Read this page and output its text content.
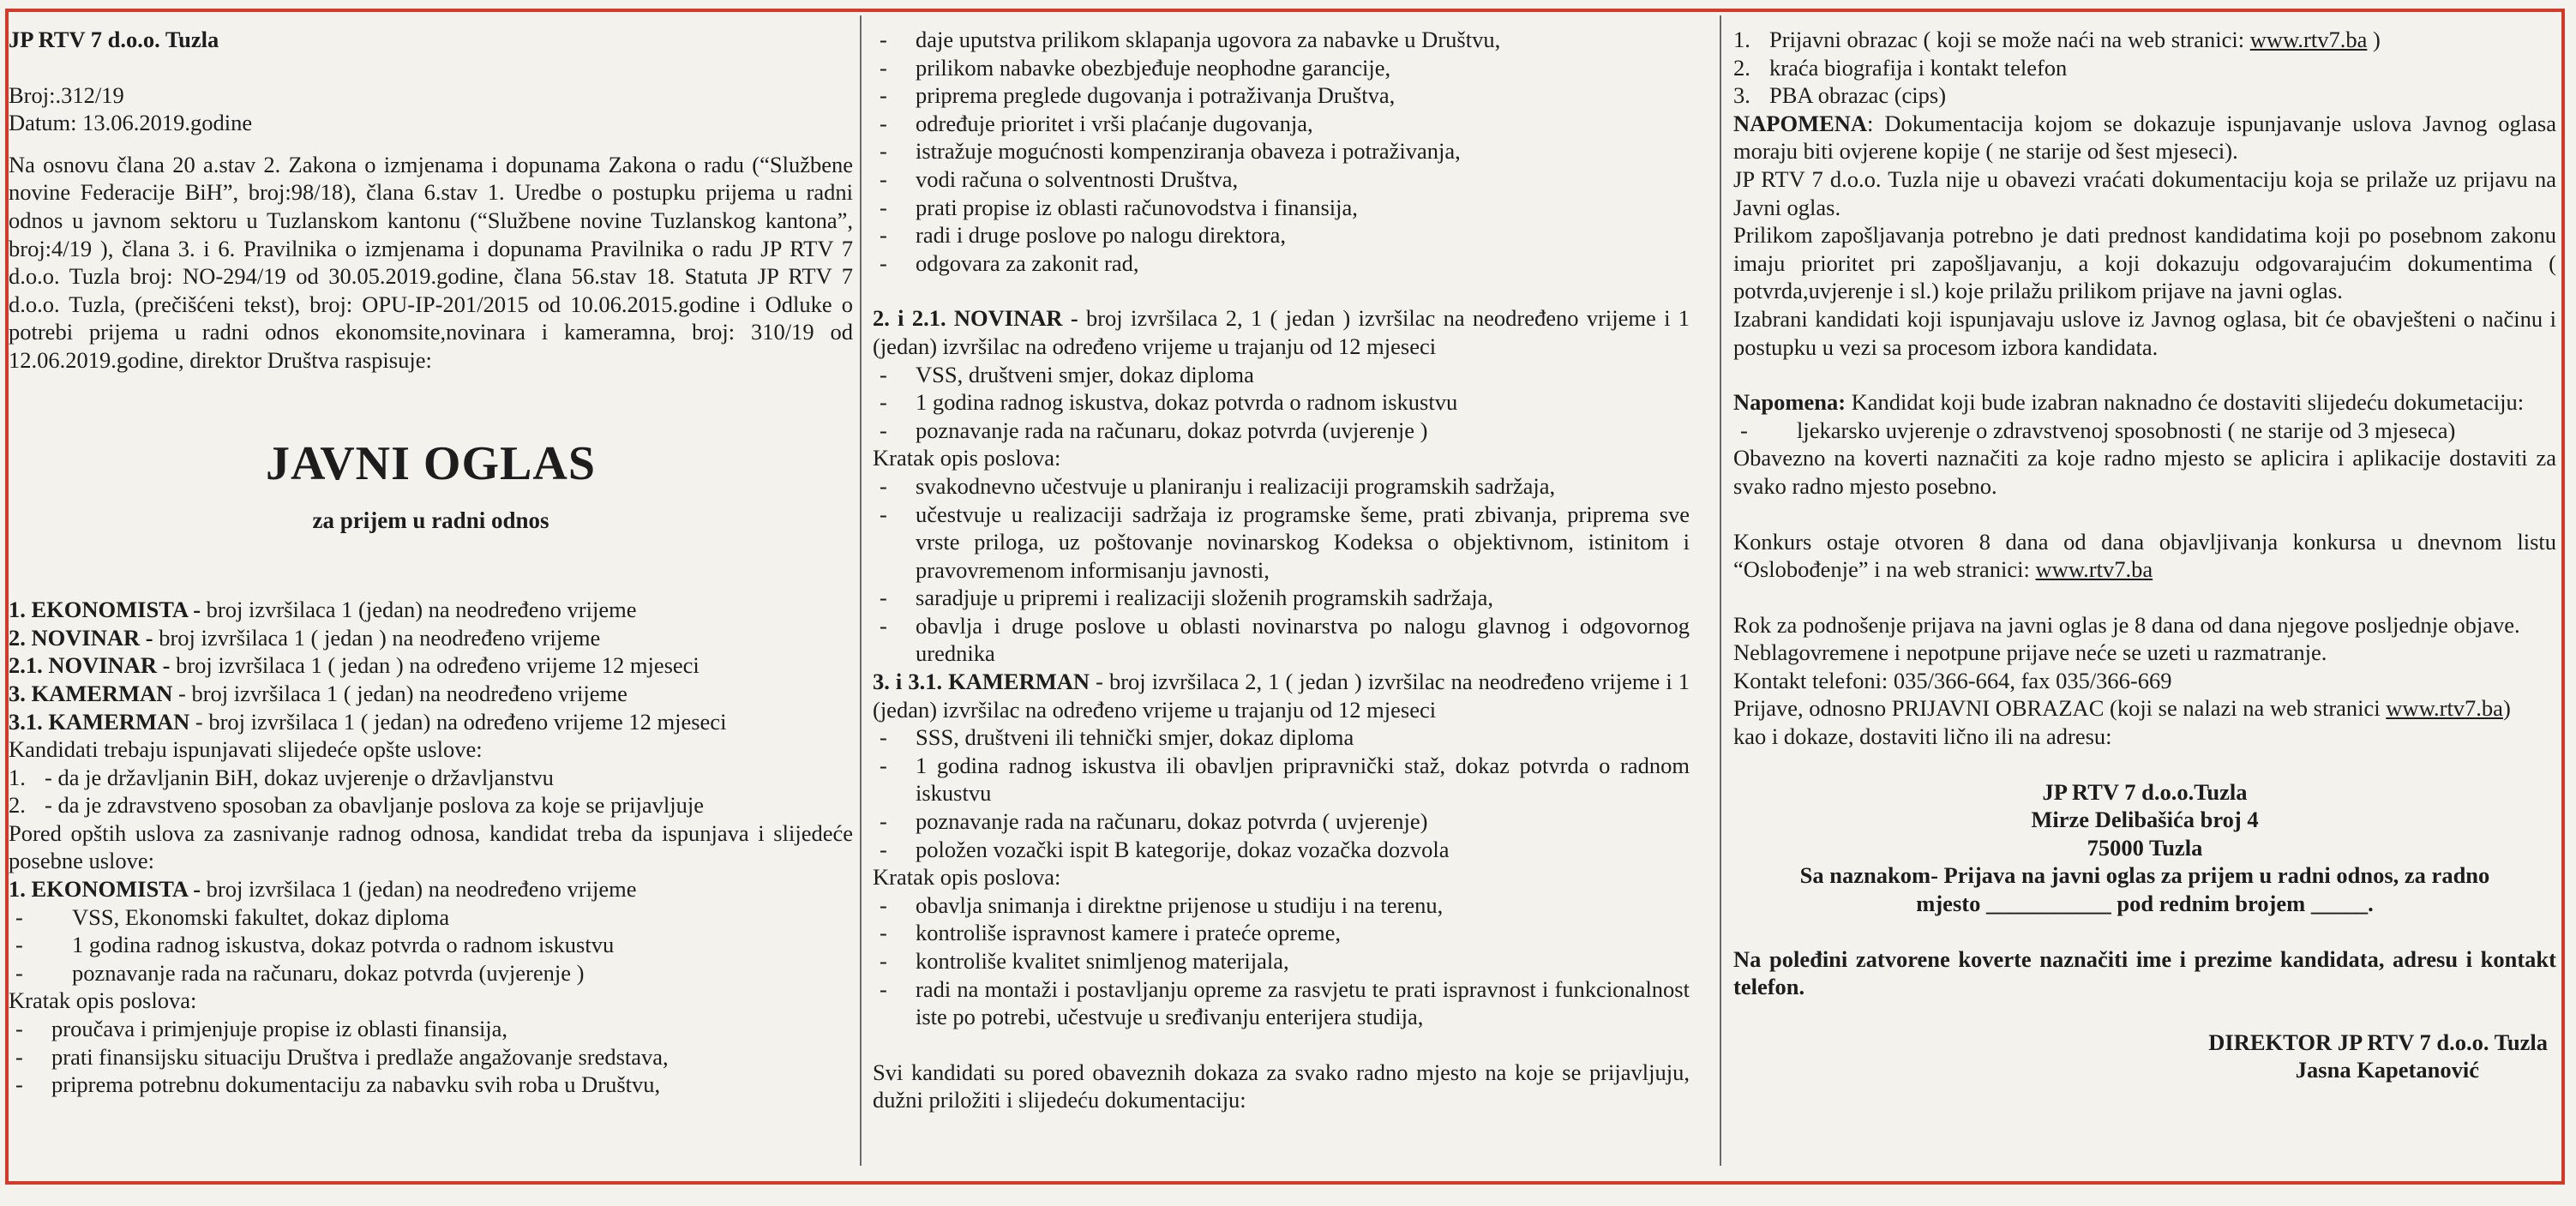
JP RTV 7 d.o.o. Tuzla

Broj:.312/19

Datum: 13.06.2019.godine

Na osnovu člana 20 a.stav 2. Zakona o izmjenama i dopunama Zakona o radu (“Službene novine Federacije BiH”, broj:98/18), člana 6.stav 1. Uredbe o postupku prijema u radni odnos u javnom sektoru u Tuzlanskom kantonu (“Službene novine Tuzlanskog kantona”, broj:4/19 ), člana 3. i 6. Pravilnika o izmjenama i dopunama Pravilnika o radu JP RTV 7 d.o.o. Tuzla broj: NO-294/19 od 30.05.2019.godine, člana 56.stav 18. Statuta JP RTV 7 d.o.o. Tuzla, (prečišćeni tekst), broj: OPU-IP-201/2015 od 10.06.2015.godine i Odluke o potrebi prijema u radni odnos ekonomsite,novinara i kameramna, broj: 310/19 od 12.06.2019.godine, direktor Društva raspisuje:

JAVNI OGLAS

za prijem u radni odnos

1. EKONOMISTA - broj izvršilaca 1 (jedan) na neodređeno vrijeme

2. NOVINAR - broj izvršilaca 1 ( jedan ) na neodređeno vrijeme

2.1. NOVINAR - broj izvršilaca 1 ( jedan ) na određeno vrijeme 12 mjeseci

3. KAMERMAN - broj izvršilaca 1 ( jedan) na neodređeno vrijeme

3.1. KAMERMAN - broj izvršilaca 1 ( jedan) na određeno vrijeme 12 mjeseci

Kandidati trebaju ispunjavati slijedeće opšte uslove:

1. - da je državljanin BiH, dokaz uvjerenje o državljanstvu
2. - da je zdravstveno sposoban za obavljanje poslova za koje se prijavljuje

Pored opštih uslova za zasnivanje radnog odnosa, kandidat treba da ispunjava i slijedeće posebne uslove:

1. EKONOMISTA - broj izvršilaca 1 (jedan) na neodređeno vrijeme

-	VSS, Ekonomski fakultet, dokaz diploma
-	1 godina radnog iskustva, dokaz potvrda o radnom iskustvu
-	poznavanje rada na računaru, dokaz potvrda (uvjerenje )

Kratak opis poslova:

-	proučava i primjenjuje propise iz oblasti finansija,
-	prati finansijsku situaciju Društva i predlaže angažovanje sredstava,
-	priprema potrebnu dokumentaciju za nabavku svih roba u Društvu,
-	daje uputstva prilikom sklapanja ugovora za nabavke u Društvu,
-	prilikom nabavke obezbjeđuje neophodne garancije,
-	priprema preglede dugovanja i potraživanja Društva,
-	određuje prioritet i vrši plaćanje dugovanja,
-	istražuje mogućnosti kompenziranja obaveza i potraživanja,
-	vodi računa o solventnosti Društva,
-	prati propise iz oblasti računovodstva i finansija,
-	radi i druge poslove po nalogu direktora,
-	odgovara za zakonit rad,

2. i 2.1. NOVINAR - broj izvršilaca 2, 1 ( jedan ) izvršilac na neodređeno vrijeme i 1 (jedan) izvršilac na određeno vrijeme u trajanju od 12 mjeseci

-	VSS, društveni smjer, dokaz diploma
-	1 godina radnog iskustva, dokaz potvrda o radnom iskustvu
-	poznavanje rada na računaru, dokaz potvrda (uvjerenje )

Kratak opis poslova:

-	svakodnevno učestvuje u planiranju i realizaciji programskih sadržaja,
-	učestvuje u realizaciji sadržaja iz programske šeme, prati zbivanja, priprema sve vrste priloga, uz poštovanje novinarskog Kodeksa o objektivnom, istinitom i pravovremenom informisanju javnosti,
-	saradjuje u pripremi i realizaciji složenih programskih sadržaja,
-	obavlja i druge poslove u oblasti novinarstva po nalogu glavnog i odgovornog urednika

3. i 3.1. KAMERMAN - broj izvršilaca 2, 1 ( jedan ) izvršilac na neodređeno vrijeme i 1 (jedan) izvršilac na određeno vrijeme u trajanju od 12 mjeseci

-	SSS, društveni ili tehnički smjer, dokaz diploma
-	1 godina radnog iskustva ili obavljen pripravnički staž, dokaz potvrda o radnom iskustvu
-	poznavanje rada na računaru, dokaz potvrda ( uvjerenje)
-	položen vozački ispit B kategorije, dokaz vozačka dozvola

Kratak opis poslova:

-	obavlja snimanja i direktne prijenose u studiju i na terenu,
-	kontroliše ispravnost kamere i prateće opreme,
-	kontroliše kvalitet snimljenog materijala,
-	radi na montaži i postavljanju opreme za rasvjetu te prati ispravnost i funkcionalnost iste po potrebi, učestvuje u sređivanju enterijera studija,

Svi kandidati su pored obaveznih dokaza za svako radno mjesto na koje se prijavljuju, dužni priložiti i slijedeću dokumentaciju:

1. Prijavni obrazac ( koji se može naći na web stranici: www.rtv7.ba )
2. kraća biografija i kontakt telefon
3. PBA obrazac (cips)

NAPOMENA: Dokumentacija kojom se dokazuje ispunjavanje uslova Javnog oglasa moraju biti ovjerene kopije ( ne starije od šest mjeseci).

JP RTV 7 d.o.o. Tuzla nije u obavezi vraćati dokumentaciju koja se prilaže uz prijavu na Javni oglas.

Prilikom zapošljavanja potrebno je dati prednost kandidatima koji po posebnom zakonu imaju prioritet pri zapošljavanju, a koji dokazuju odgovarajućim dokumentima ( potvrda,uvjerenje i sl.) koje prilažu prilikom prijave na javni oglas.

Izabrani kandidati koji ispunjavaju uslove iz Javnog oglasa, bit će obavješteni o načinu i postupku u vezi sa procesom izbora kandidata.

Napomena: Kandidat koji bude izabran naknadno će dostaviti slijedeću dokumetaciju:

-	ljekarsko uvjerenje o zdravstvenoj sposobnosti ( ne starije od 3 mjeseca)

Obavezno na koverti naznačiti za koje radno mjesto se aplicira i aplikacije dostaviti za svako radno mjesto posebno.

Konkurs ostaje otvoren 8 dana od dana objavljivanja konkursa u dnevnom listu “Oslobođenje” i na web stranici: www.rtv7.ba

Rok za podnošenje prijava na javni oglas je 8 dana od dana njegove posljednje objave.

Neblagovremene i nepotpune prijave neće se uzeti u razmatranje.

Kontakt telefoni: 035/366-664, fax 035/366-669

Prijave, odnosno PRIJAVNI OBRAZAC (koji se nalazi na web stranici www.rtv7.ba)

kao i dokaze, dostaviti lično ili na adresu:

JP RTV 7 d.o.o.Tuzla

Mirze Delibašića broj 4

75000 Tuzla

Sa naznakom- Prijava na javni oglas za prijem u radni odnos, za radno

mjesto ___________ pod rednim brojem _____.

Na poleđini zatvorene koverte naznačiti ime i prezime kandidata, adresu i kontakt telefon.

DIREKTOR JP RTV 7 d.o.o. Tuzla

Jasna Kapetanović
